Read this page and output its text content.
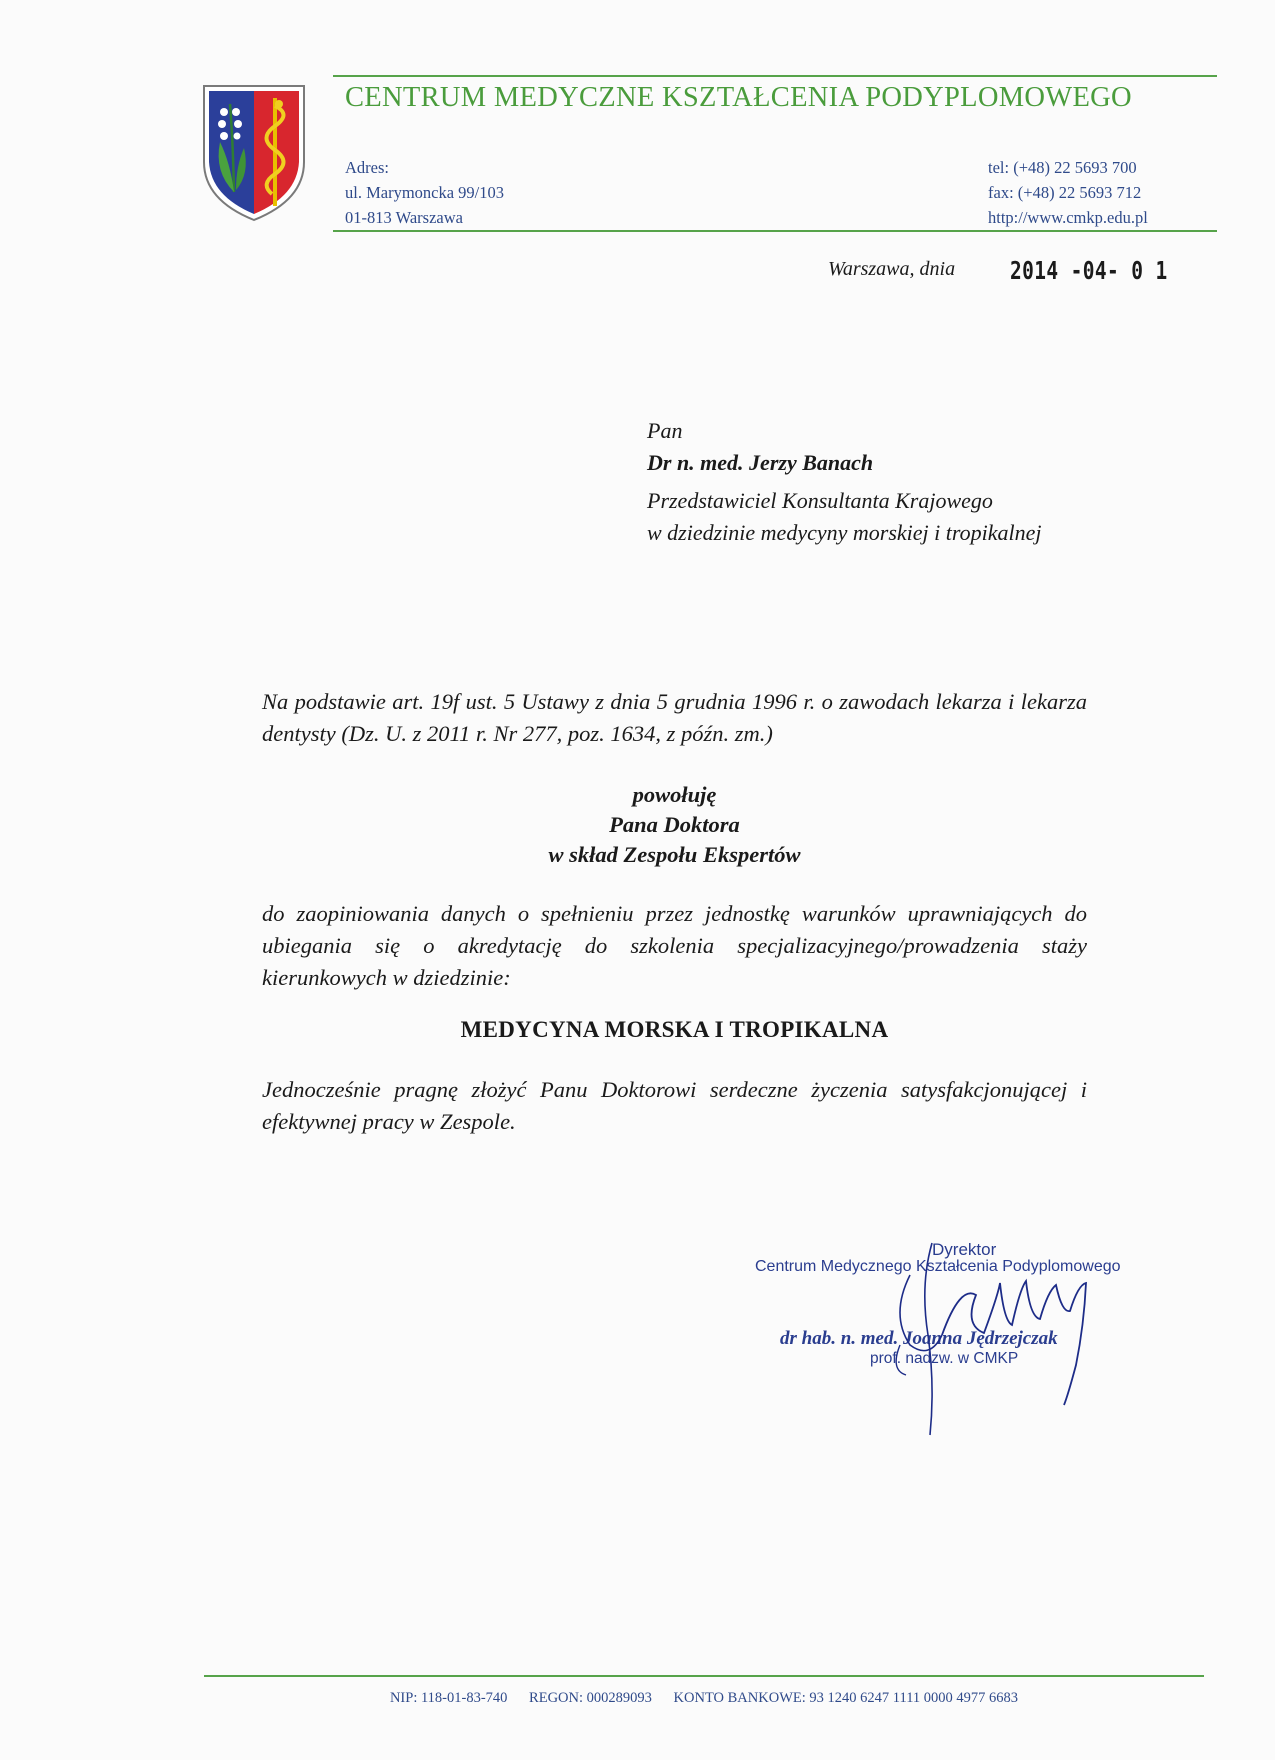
CENTRUM MEDYCZNE KSZTAŁCENIA PODYPLOMOWEGO
Adres:
ul. Marymoncka 99/103
01-813 Warszawa
tel: (+48) 22 5693 700
fax: (+48) 22 5693 712
http://www.cmkp.edu.pl
Warszawa, dnia 2014 -04- 0 1
Pan
Dr n. med. Jerzy Banach
Przedstawiciel Konsultanta Krajowego
w dziedzinie medycyny morskiej i tropikalnej
Na podstawie art. 19f ust. 5 Ustawy z dnia 5 grudnia 1996 r. o zawodach lekarza i lekarza dentysty (Dz. U. z 2011 r. Nr 277, poz. 1634, z późn. zm.)
powołuję
Pana Doktora
w skład Zespołu Ekspertów
do zaopiniowania danych o spełnieniu przez jednostkę warunków uprawniających do ubiegania się o akredytację do szkolenia specjalizacyjnego/prowadzenia staży kierunkowych w dziedzinie:
MEDYCYNA MORSKA I TROPIKALNA
Jednocześnie pragnę złożyć Panu Doktorowi serdeczne życzenia satysfakcjonującej i efektywnej pracy w Zespole.
Dyrektor
Centrum Medycznego Kształcenia Podyplomowego
dr hab. n. med. Joanna Jędrzejczak
prof. nadzw. w CMKP
NIP: 118-01-83-740 REGON: 000289093 KONTO BANKOWE: 93 1240 6247 1111 0000 4977 6683
